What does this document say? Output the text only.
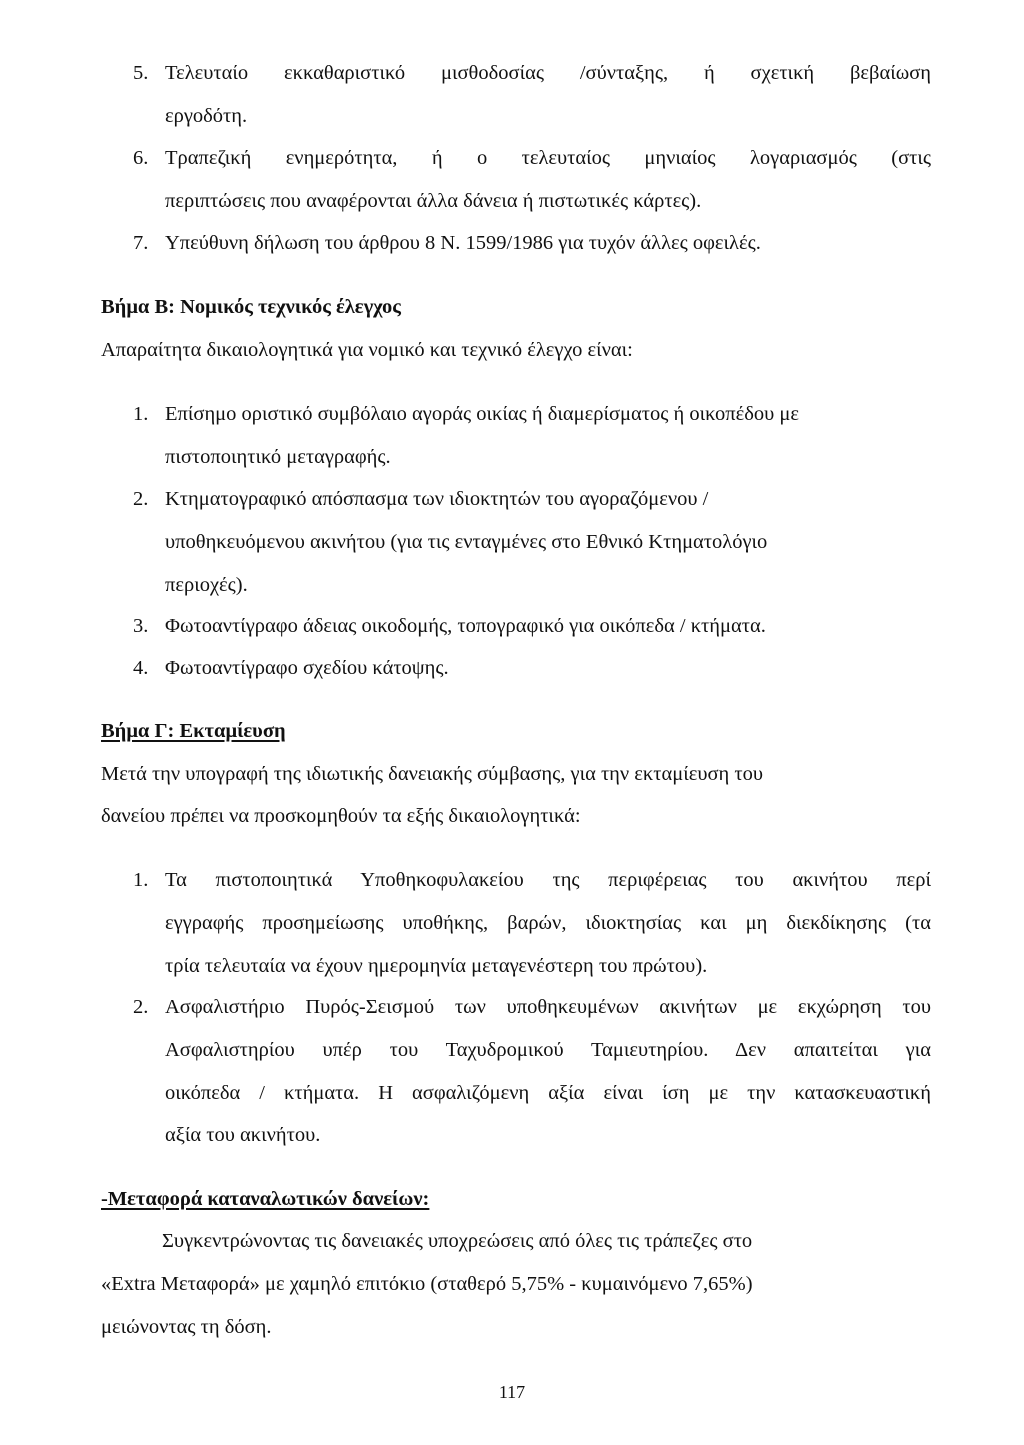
5. Τελευταίο εκκαθαριστικό μισθοδοσίας /σύνταξης, ή σχετική βεβαίωση
εργοδότη.
6. Τραπεζική ενημερότητα, ή ο τελευταίος μηνιαίος λογαριασμός (στις
περιπτώσεις που αναφέρονται άλλα δάνεια ή πιστωτικές κάρτες).
7. Υπεύθυνη δήλωση του άρθρου 8 Ν. 1599/1986 για τυχόν άλλες οφειλές.
Βήμα Β: Νομικός τεχνικός έλεγχος
Απαραίτητα δικαιολογητικά για νομικό και τεχνικό έλεγχο είναι:
1. Επίσημο οριστικό συμβόλαιο αγοράς οικίας ή διαμερίσματος ή οικοπέδου με
πιστοποιητικό μεταγραφής.
2. Κτηματογραφικό απόσπασμα των ιδιοκτητών του αγοραζόμενου /
υποθηκευόμενου ακινήτου (για τις ενταγμένες στο Εθνικό Κτηματολόγιο
περιοχές).
3. Φωτοαντίγραφο άδειας οικοδομής, τοπογραφικό για οικόπεδα / κτήματα.
4. Φωτοαντίγραφο σχεδίου κάτοψης.
Βήμα Γ: Εκταμίευση
Μετά την υπογραφή της ιδιωτικής δανειακής σύμβασης, για την εκταμίευση του
δανείου πρέπει να προσκομηθούν τα εξής δικαιολογητικά:
1. Τα πιστοποιητικά Υποθηκοφυλακείου της περιφέρειας του ακινήτου περί
εγγραφής προσημείωσης υποθήκης, βαρών, ιδιοκτησίας και μη διεκδίκησης (τα
τρία τελευταία να έχουν ημερομηνία μεταγενέστερη του πρώτου).
2. Ασφαλιστήριο Πυρός-Σεισμού των υποθηκευμένων ακινήτων με εκχώρηση του
Ασφαλιστηρίου υπέρ του Ταχυδρομικού Ταμιευτηρίου. Δεν απαιτείται για
οικόπεδα / κτήματα. Η ασφαλιζόμενη αξία είναι ίση με την κατασκευαστική
αξία του ακινήτου.
-Μεταφορά καταναλωτικών δανείων:
Συγκεντρώνοντας τις δανειακές υποχρεώσεις από όλες τις τράπεζες στο
«Extra Μεταφορά» με χαμηλό επιτόκιο (σταθερό 5,75% - κυμαινόμενο 7,65%)
μειώνοντας τη δόση.
117
